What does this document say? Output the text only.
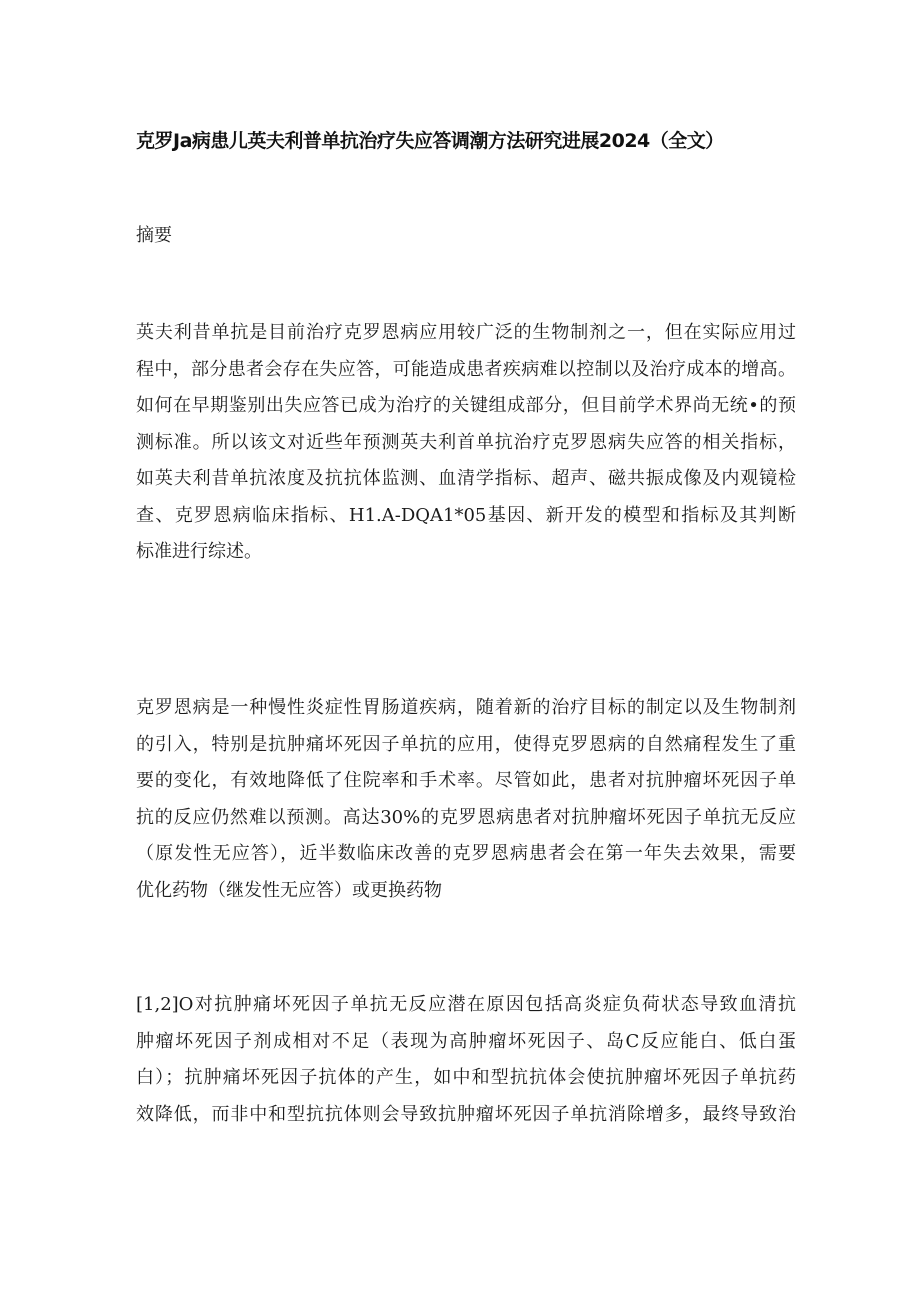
克罗Ja病患儿英夫利普单抗治疗失应答调潮方法研究进展2024（全文）
摘要
英夫利昔单抗是目前治疗克罗恩病应用较广泛的生物制剂之一，但在实际应用过
程中，部分患者会存在失应答，可能造成患者疾病难以控制以及治疗成本的增高。
如何在早期鉴别出失应答已成为治疗的关键组成部分，但目前学术界尚无统•的预
测标准。所以该文对近些年预测英夫利首单抗治疗克罗恩病失应答的相关指标，
如英夫利昔单抗浓度及抗抗体监测、血清学指标、超声、磁共振成像及内观镜检
查、克罗恩病临床指标、H1.A-DQA1*05基因、新开发的模型和指标及其判断
标准进行综述。
克罗恩病是一种慢性炎症性胃肠道疾病，随着新的治疗目标的制定以及生物制剂
的引入，特别是抗肿痛坏死因子单抗的应用，使得克罗恩病的自然痛程发生了重
要的变化，有效地降低了住院率和手术率。尽管如此，患者对抗肿瘤坏死因子单
抗的反应仍然难以预测。高达30%的克罗恩病患者对抗肿瘤坏死因子单抗无反应
（原发性无应答），近半数临床改善的克罗恩病患者会在第一年失去效果，需要
优化药物（继发性无应答）或更换药物
[1,2]O对抗肿痛坏死因子单抗无反应潜在原因包括高炎症负荷状态导致血清抗
肿瘤坏死因子剂成相对不足（表现为高肿瘤坏死因子、岛C反应能白、低白蛋
白）；抗肿痛坏死因子抗体的产生，如中和型抗抗体会使抗肿瘤坏死因子单抗药
效降低，而非中和型抗抗体则会导致抗肿瘤坏死因子单抗消除增多，最终导致治
